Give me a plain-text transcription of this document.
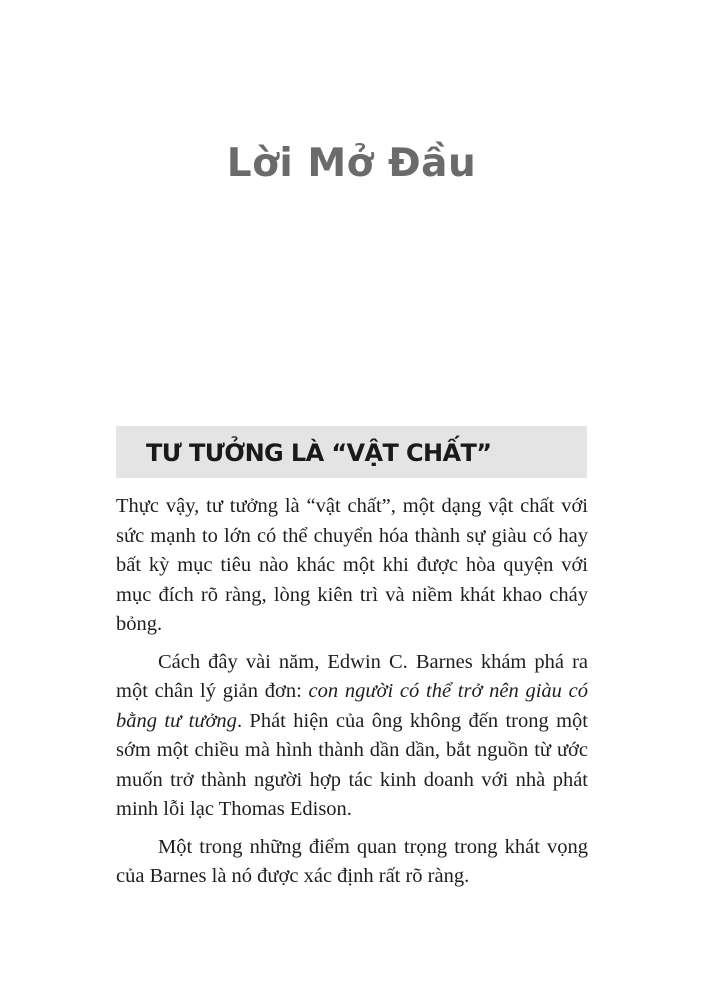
Lời Mở Đầu
TƯ TƯỞNG LÀ “VẬT CHẤT”

Thực vậy, tư tưởng là “vật chất”, một dạng vật chất với sức mạnh to lớn có thể chuyển hóa thành sự giàu có hay bất kỳ mục tiêu nào khác một khi được hòa quyện với mục đích rõ ràng, lòng kiên trì và niềm khát khao cháy bỏng.

Cách đây vài năm, Edwin C. Barnes khám phá ra một chân lý giản đơn: con người có thể trở nên giàu có bằng tư tưởng. Phát hiện của ông không đến trong một sớm một chiều mà hình thành dần dần, bắt nguồn từ ước muốn trở thành người hợp tác kinh doanh với nhà phát minh lỗi lạc Thomas Edison.

Một trong những điểm quan trọng trong khát vọng của Barnes là nó được xác định rất rõ ràng.
